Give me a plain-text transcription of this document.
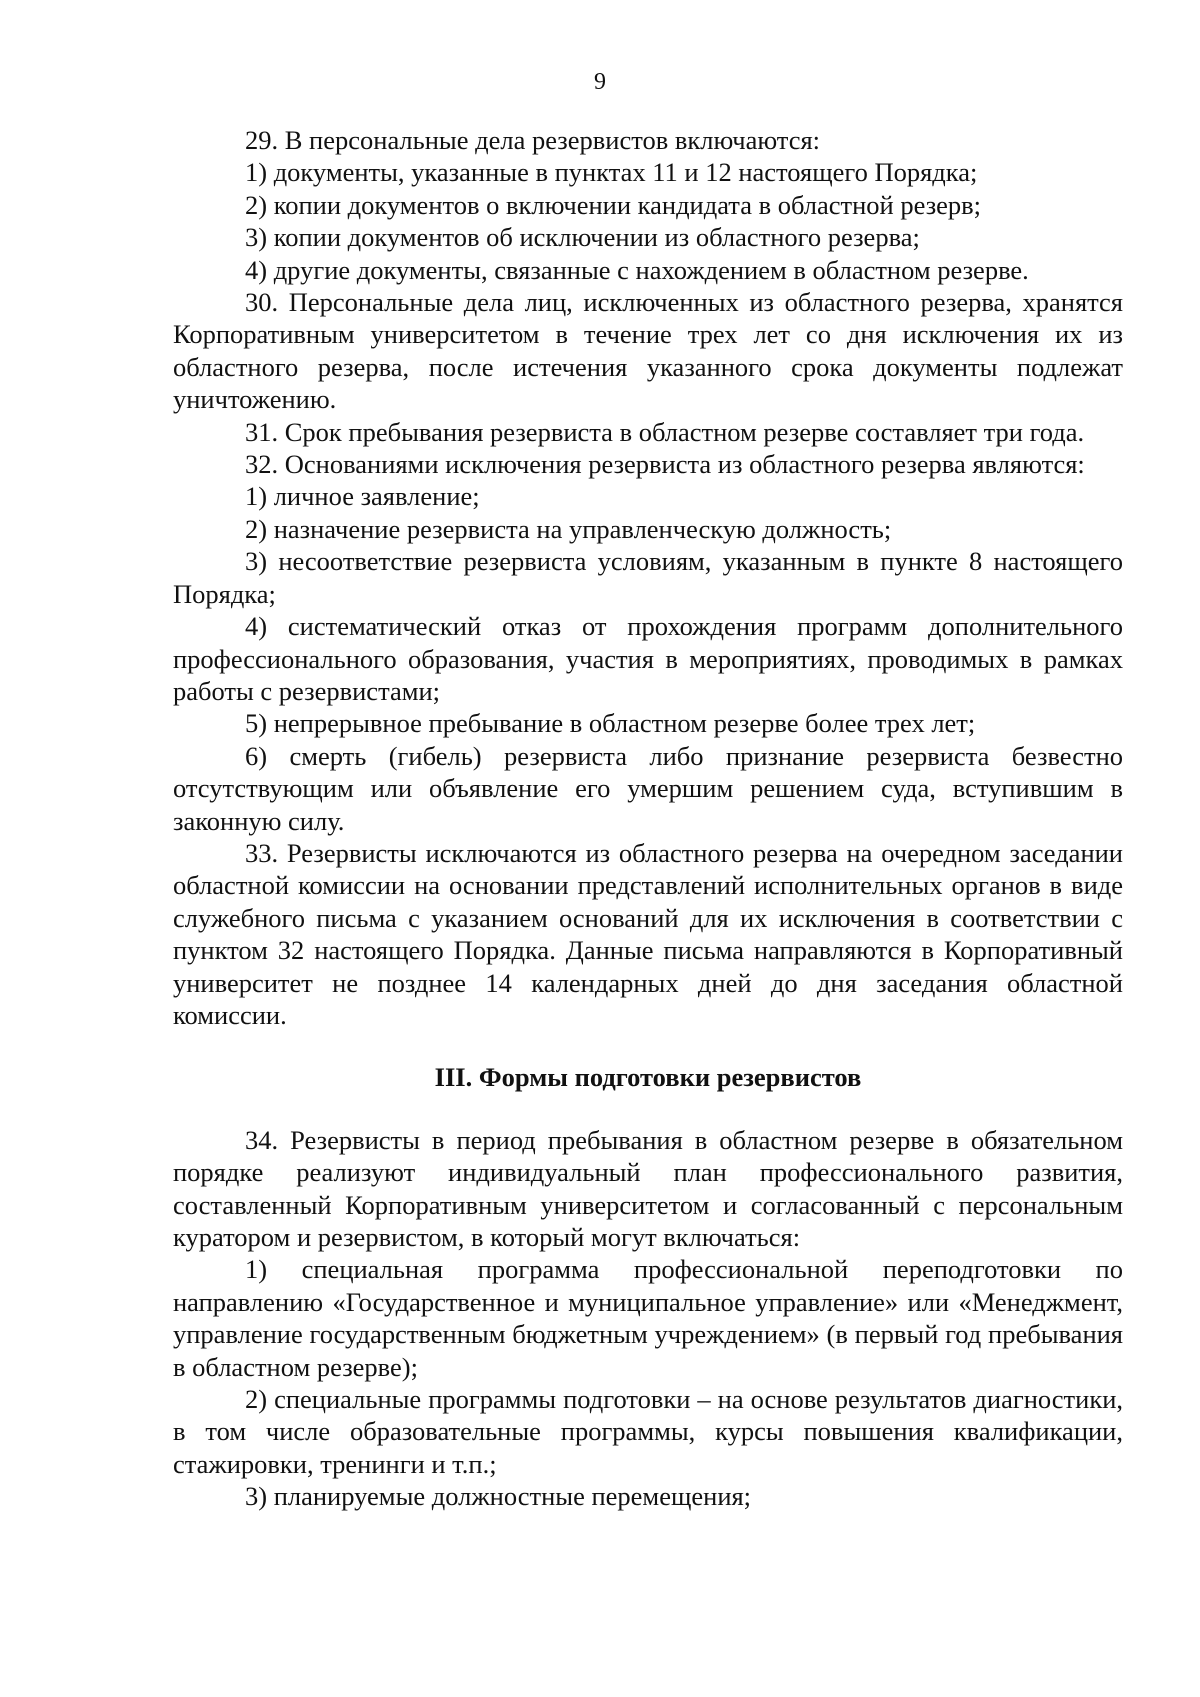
9

29. В персональные дела резервистов включаются:

1) документы, указанные в пунктах 11 и 12 настоящего Порядка;

2) копии документов о включении кандидата в областной резерв;

3) копии документов об исключении из областного резерва;

4) другие документы, связанные с нахождением в областном резерве.

30. Персональные дела лиц, исключенных из областного резерва, хранятся Корпоративным университетом в течение трех лет со дня исключения их из областного резерва, после истечения указанного срока документы подлежат уничтожению.

31. Срок пребывания резервиста в областном резерве составляет три года.

32. Основаниями исключения резервиста из областного резерва являются:

1) личное заявление;

2) назначение резервиста на управленческую должность;

3) несоответствие резервиста условиям, указанным в пункте 8 настоящего Порядка;

4) систематический отказ от прохождения программ дополнительного профессионального образования, участия в мероприятиях, проводимых в рамках работы с резервистами;

5) непрерывное пребывание в областном резерве более трех лет;

6) смерть (гибель) резервиста либо признание резервиста безвестно отсутствующим или объявление его умершим решением суда, вступившим в законную силу.

33. Резервисты исключаются из областного резерва на очередном заседании областной комиссии на основании представлений исполнительных органов в виде служебного письма с указанием оснований для их исключения в соответствии с пунктом 32 настоящего Порядка. Данные письма направляются в Корпоративный университет не позднее 14 календарных дней до дня заседания областной комиссии.

III. Формы подготовки резервистов

34. Резервисты в период пребывания в областном резерве в обязательном порядке реализуют индивидуальный план профессионального развития, составленный Корпоративным университетом и согласованный с персональным куратором и резервистом, в который могут включаться:

1) специальная программа профессиональной переподготовки по направлению «Государственное и муниципальное управление» или «Менеджмент, управление государственным бюджетным учреждением» (в первый год пребывания в областном резерве);

2) специальные программы подготовки – на основе результатов диагностики, в том числе образовательные программы, курсы повышения квалификации, стажировки, тренинги и т.п.;

3) планируемые должностные перемещения;
